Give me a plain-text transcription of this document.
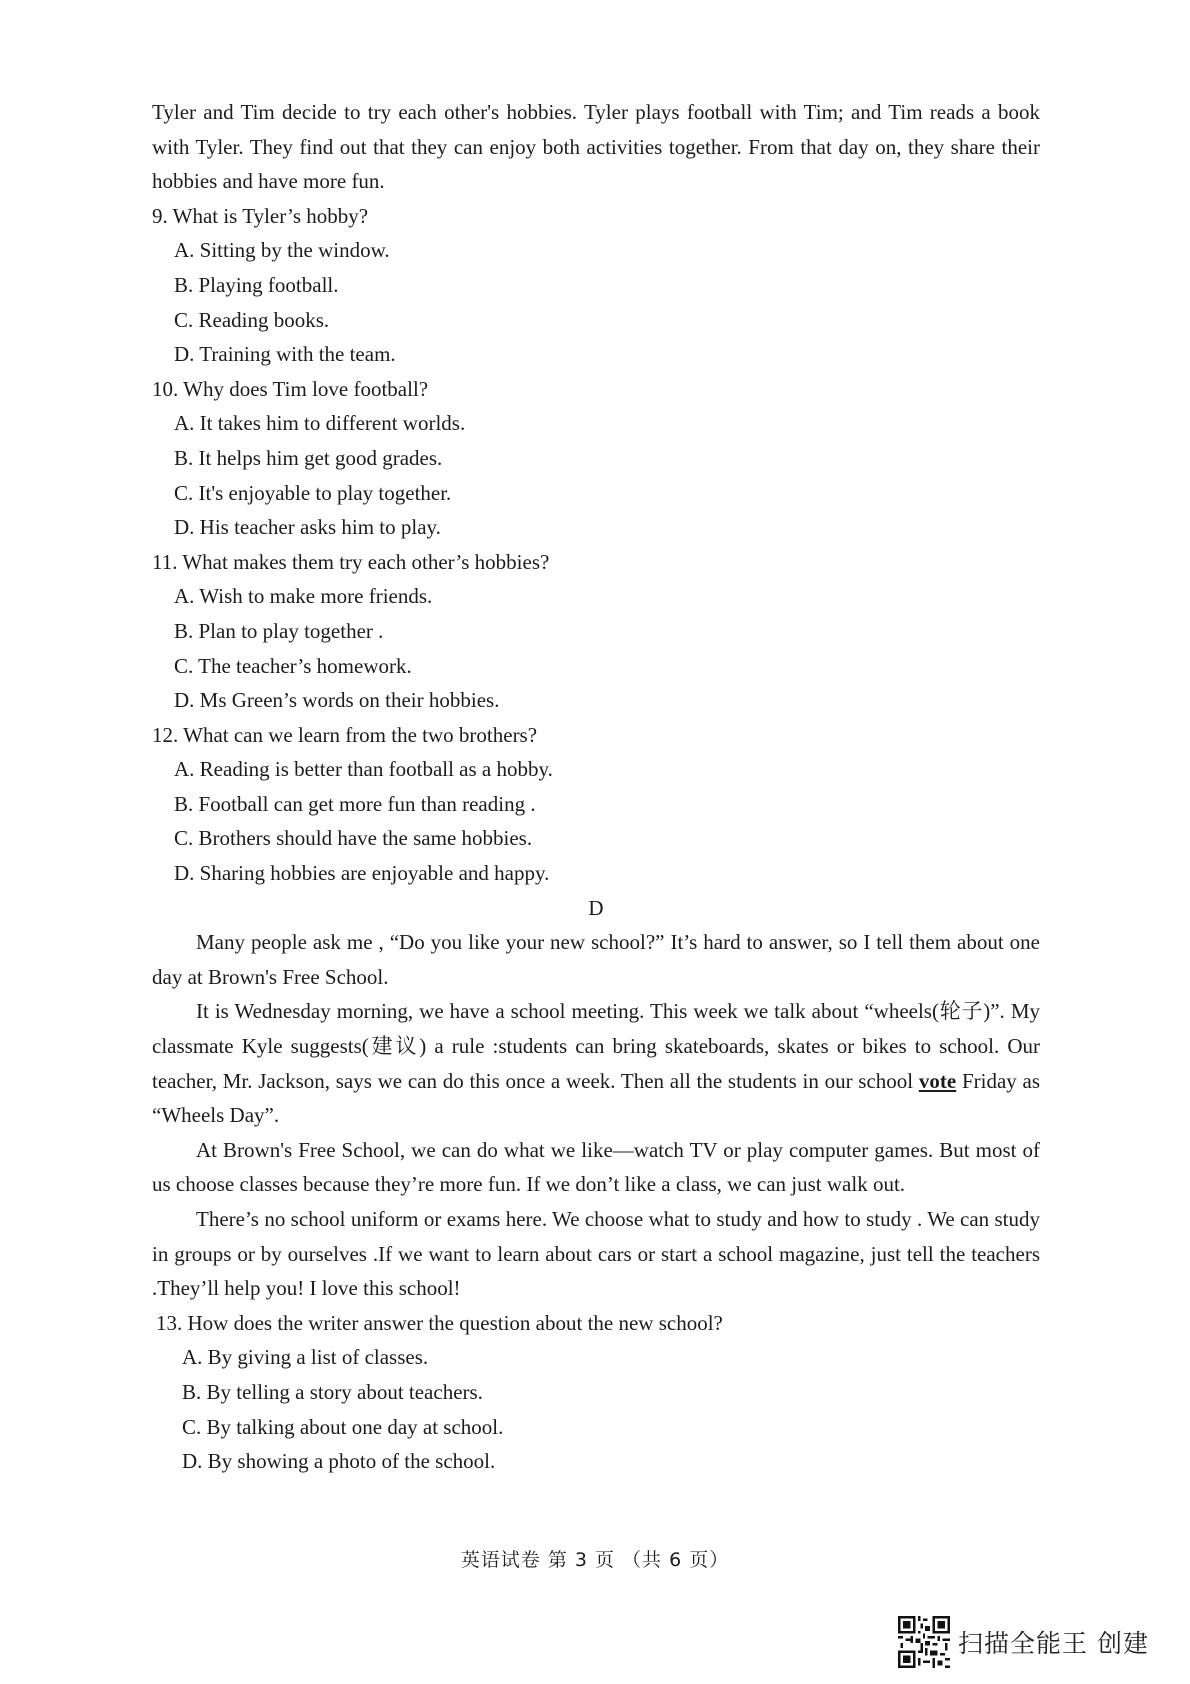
Tyler and Tim decide to try each other's hobbies. Tyler plays football with Tim; and Tim reads a book with Tyler. They find out that they can enjoy both activities together. From that day on, they share their hobbies and have more fun.

9. What is Tyler’s hobby?

A. Sitting by the window.
B. Playing football.
C. Reading books.
D. Training with the team.

10. Why does Tim love football?

A. It takes him to different worlds.
B. It helps him get good grades.
C. It's enjoyable to play together.
D. His teacher asks him to play.

11. What makes them try each other’s hobbies?

A. Wish to make more friends.
B. Plan to play together .
C. The teacher’s homework.
D. Ms Green’s words on their hobbies.

12. What can we learn from the two brothers?

A. Reading is better than football as a hobby.
B. Football can get more fun than reading .
C. Brothers should have the same hobbies.
D. Sharing hobbies are enjoyable and happy.

D

Many people ask me , “Do you like your new school?” It’s hard to answer, so I tell them about one day at Brown's Free School.

It is Wednesday morning, we have a school meeting. This week we talk about “wheels(轮子)”. My classmate Kyle suggests(建议) a rule :students can bring skateboards, skates or bikes to school. Our teacher, Mr. Jackson, says we can do this once a week. Then all the students in our school vote Friday as “Wheels Day”.

At Brown's Free School, we can do what we like—watch TV or play computer games. But most of us choose classes because they’re more fun. If we don’t like a class, we can just walk out.

There’s no school uniform or exams here. We choose what to study and how to study . We can study in groups or by ourselves .If we want to learn about cars or start a school magazine, just tell the teachers .They’ll help you! I love this school!

13. How does the writer answer the question about the new school?

A. By giving a list of classes.
B. By telling a story about teachers.
C. By talking about one day at school.
D. By showing a photo of the school.
英语试卷 第 3 页 （共 6 页）
扫描全能王 创建
